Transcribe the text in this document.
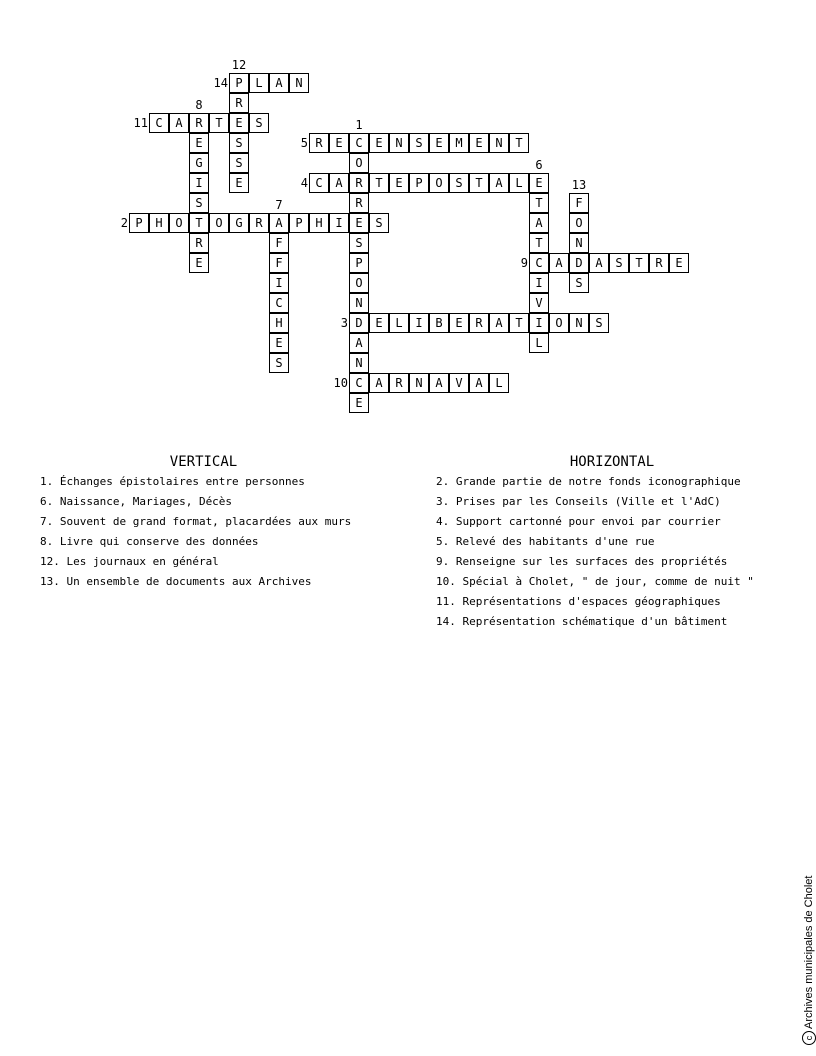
C
O
R
R
E
S
P
O
N
D
A
N
C
E
1
P	H	O	T	O	G	R	A	P	H	I	S
2
E	L	I	B	E	R	A	T	I	O	N	S
3
C	A	T	E	P	O	S	T	A	L	E
4
R	E	E	N	S	E	M	E	N	T
5
T
A
T
C
I
V
L
6
F
F
I
C
H
E
S
7
R
E
G
I
S
R
E
8
A	D	A	S	T	R	E
9
A	R	N	A	V	A	L
10
C	A	T	E	S
11
P
R
S
S
E
12
F
O
N
S
13
L	A	N
14
VERTICAL
1. Échanges épistolaires entre personnes
6. Naissance, Mariages, Décès
7. Souvent de grand format, placardées aux murs
8. Livre qui conserve des données
12. Les journaux en général
13. Un ensemble de documents aux Archives
HORIZONTAL
2. Grande partie de notre fonds iconographique
3. Prises par les Conseils (Ville et l'AdC)
4. Support cartonné pour envoi par courrier
5. Relevé des habitants d'une rue
9. Renseigne sur les surfaces des propriétés
10. Spécial à Cholet, " de jour, comme de nuit "
11. Représentations d'espaces géographiques
14. Représentation schématique d'un bâtiment
c
Archives municipales de Cholet
